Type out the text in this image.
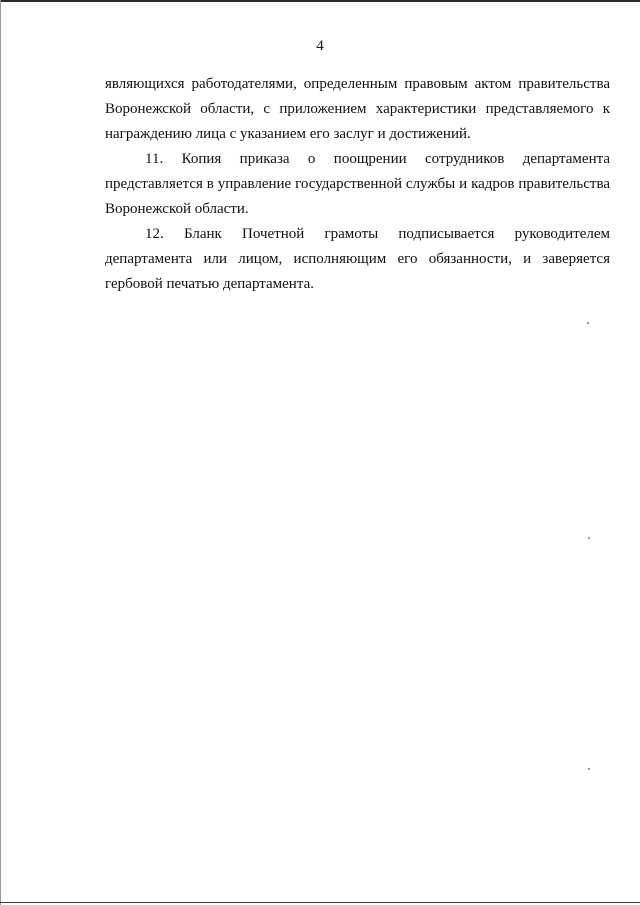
4

являющихся работодателями, определенным правовым актом правительства Воронежской области, с приложением характеристики представляемого к награждению лица с указанием его заслуг и достижений.

11. Копия приказа о поощрении сотрудников департамента представляется в управление государственной службы и кадров правительства Воронежской области.

12. Бланк Почетной грамоты подписывается руководителем департамента или лицом, исполняющим его обязанности, и заверяется гербовой печатью департамента.
